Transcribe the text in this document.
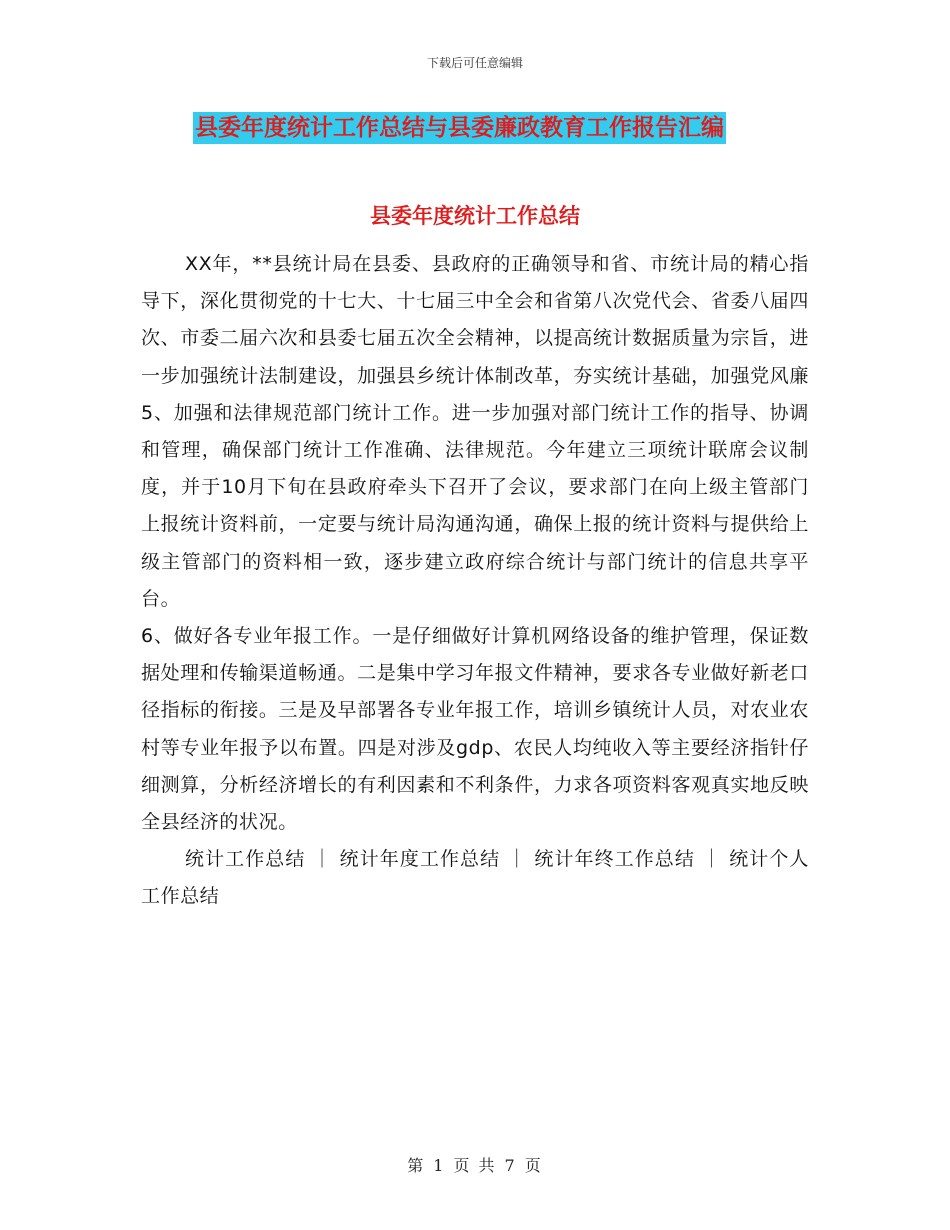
下载后可任意编辑
县委年度统计工作总结与县委廉政教育工作报告汇编
县委年度统计工作总结

XX年，**县统计局在县委、县政府的正确领导和省、市统计局的精心指导下，深化贯彻党的十七大、十七届三中全会和省第八次党代会、省委八届四次、市委二届六次和县委七届五次全会精神，以提高统计数据质量为宗旨，进一步加强统计法制建设，加强县乡统计体制改革，夯实统计基础，加强党风廉 5、加强和法律规范部门统计工作。进一步加强对部门统计工作的指导、协调和管理，确保部门统计工作准确、法律规范。今年建立三项统计联席会议制度，并于10月下旬在县政府牵头下召开了会议，要求部门在向上级主管部门上报统计资料前，一定要与统计局沟通沟通，确保上报的统计资料与提供给上级主管部门的资料相一致，逐步建立政府综合统计与部门统计的信息共享平台。

6、做好各专业年报工作。一是仔细做好计算机网络设备的维护管理，保证数据处理和传输渠道畅通。二是集中学习年报文件精神，要求各专业做好新老口径指标的衔接。三是及早部署各专业年报工作，培训乡镇统计人员，对农业农村等专业年报予以布置。四是对涉及gdp、农民人均纯收入等主要经济指针仔细测算，分析经济增长的有利因素和不利条件，力求各项资料客观真实地反映全县经济的状况。

统计工作总结 ｜ 统计年度工作总结 ｜ 统计年终工作总结 ｜ 统计个人工作总结

第 1 页 共 7 页
